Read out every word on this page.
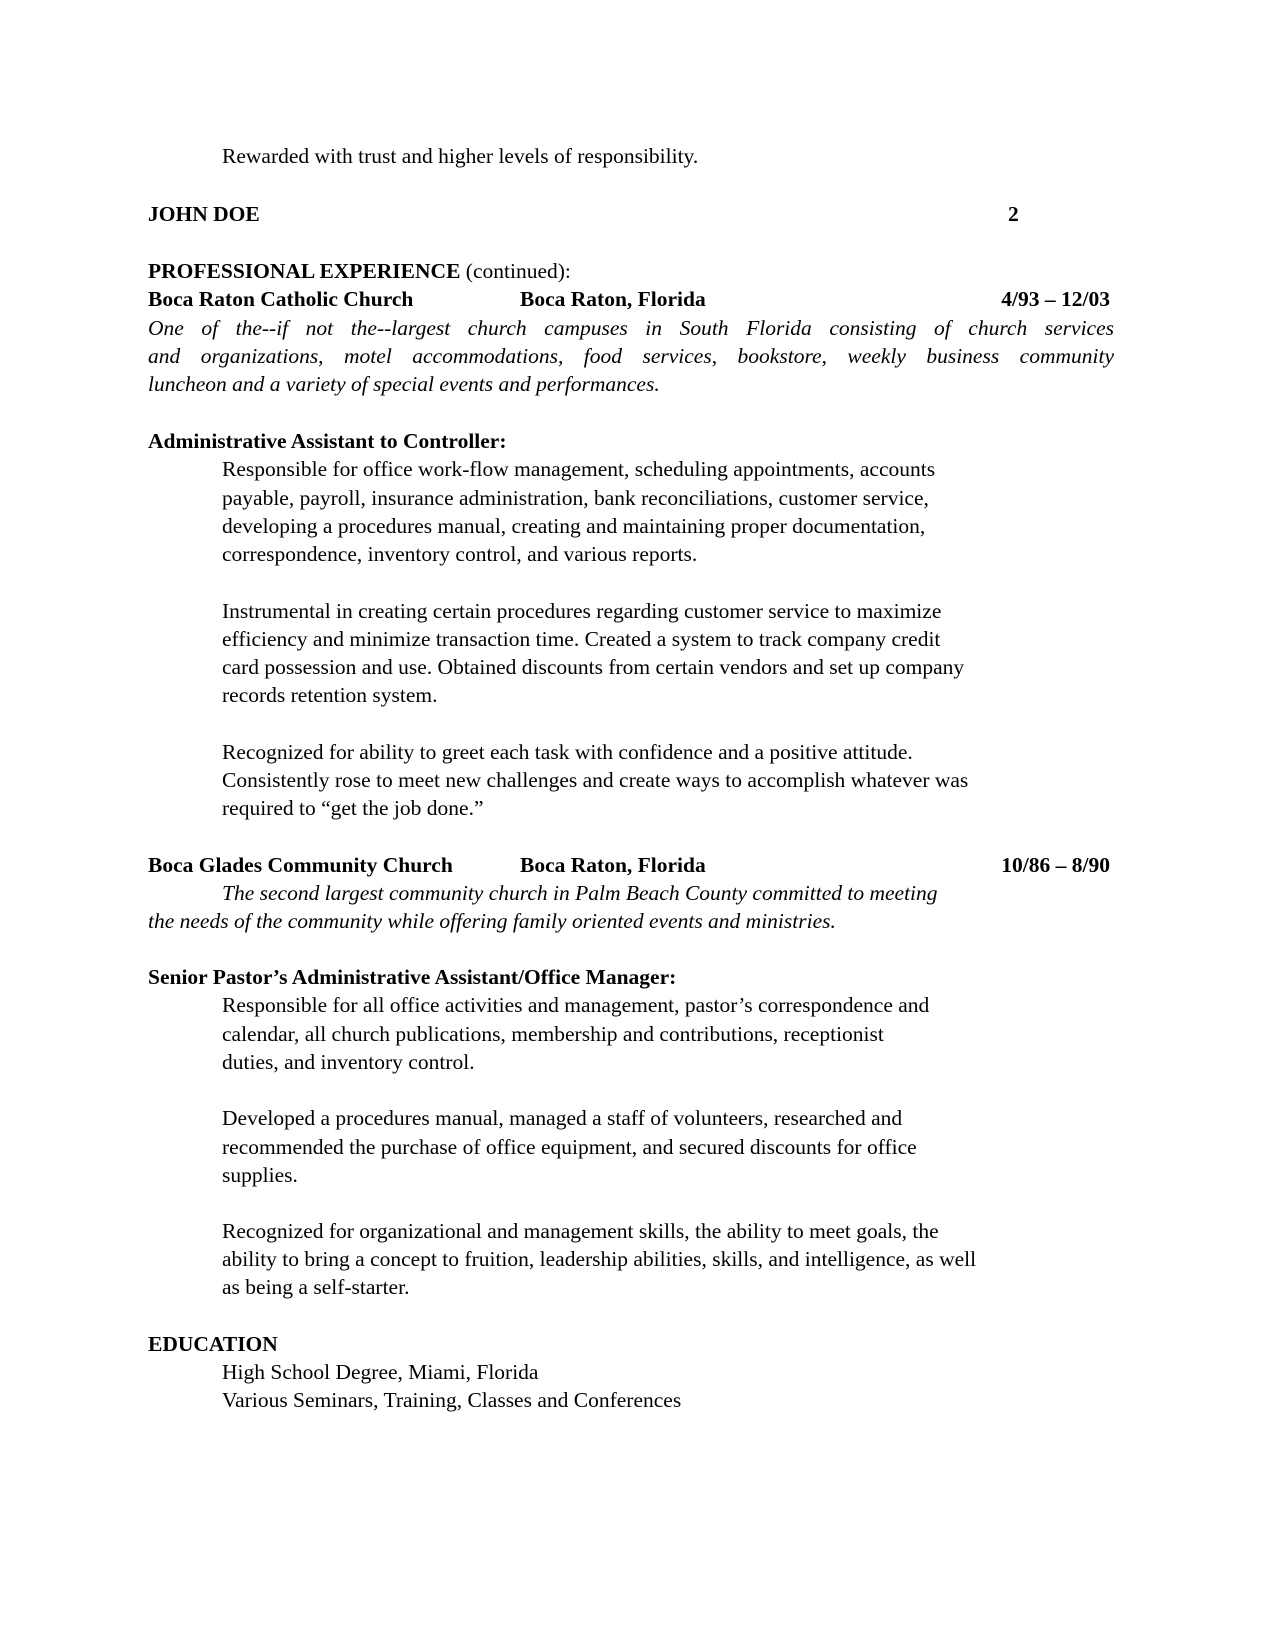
Rewarded with trust and higher levels of responsibility.
JOHN DOE	2
PROFESSIONAL EXPERIENCE (continued):
Boca Raton Catholic Church	Boca Raton, Florida	4/93 – 12/03
One of the--if not the--largest church campuses in South Florida consisting of church services
and organizations, motel accommodations, food services, bookstore, weekly business community
luncheon and a variety of special events and performances.
Administrative Assistant to Controller:
Responsible for office work-flow management, scheduling appointments, accounts
payable, payroll, insurance administration, bank reconciliations, customer service,
developing a procedures manual, creating and maintaining proper documentation,
correspondence, inventory control, and various reports.
Instrumental in creating certain procedures regarding customer service to maximize
efficiency and minimize transaction time. Created a system to track company credit
card possession and use. Obtained discounts from certain vendors and set up company
records retention system.
Recognized for ability to greet each task with confidence and a positive attitude.
Consistently rose to meet new challenges and create ways to accomplish whatever was
required to “get the job done.”
Boca Glades Community Church	Boca Raton, Florida	10/86 – 8/90
The second largest community church in Palm Beach County committed to meeting
the needs of the community while offering family oriented events and ministries.
Senior Pastor’s Administrative Assistant/Office Manager:
Responsible for all office activities and management, pastor’s correspondence and
calendar, all church publications, membership and contributions, receptionist
duties, and inventory control.
Developed a procedures manual, managed a staff of volunteers, researched and
recommended the purchase of office equipment, and secured discounts for office
supplies.
Recognized for organizational and management skills, the ability to meet goals, the
ability to bring a concept to fruition, leadership abilities, skills, and intelligence, as well
as being a self-starter.
EDUCATION
High School Degree, Miami, Florida
Various Seminars, Training, Classes and Conferences
